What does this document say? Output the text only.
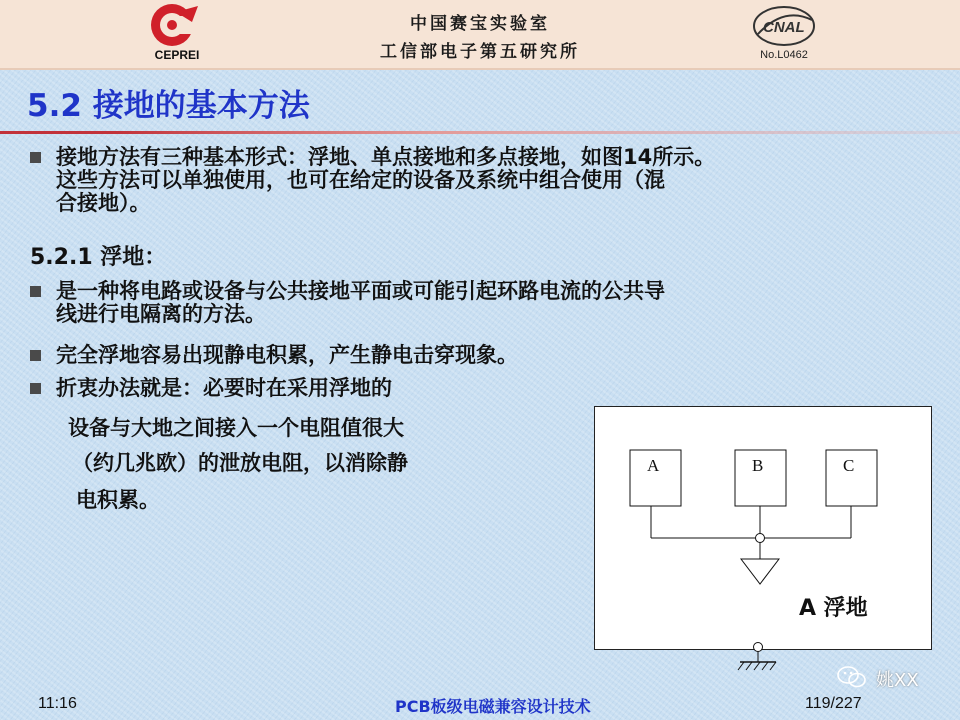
CEPREI
中国赛宝实验室
工信部电子第五研究所
CNAL
No.L0462
5.2 接地的基本方法
接地方法有三种基本形式：浮地、单点接地和多点接地，如图14所示。
这些方法可以单独使用，也可在给定的设备及系统中组合使用（混
合接地）。
5.2.1 浮地：
是一种将电路或设备与公共接地平面或可能引起环路电流的公共导
线进行电隔离的方法。
完全浮地容易出现静电积累，产生静电击穿现象。
折衷办法就是：必要时在采用浮地的
设备与大地之间接入一个电阻值很大
（约几兆欧）的泄放电阻，以消除静
电积累。
A	B	C
A 浮地
姚XX
11:16	PCB板级电磁兼容设计技术	119/227
